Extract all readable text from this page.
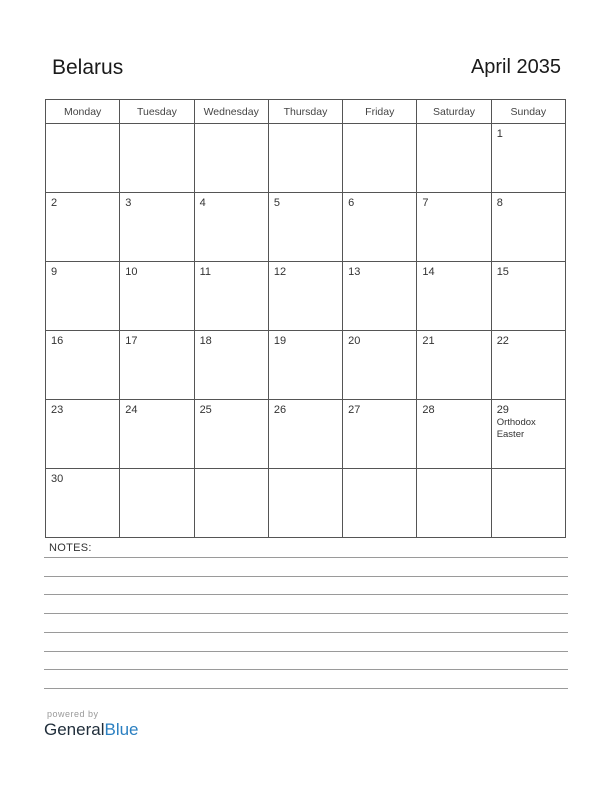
Belarus	April 2035
Monday	Tuesday	Wednesday	Thursday	Friday	Saturday	Sunday

						1

2	3	4	5	6	7	8

9	10	11	12	13	14	15

16	17	18	19	20	21	22

23	24	25	26	27	28	29
Orthodox Easter

30						

NOTES:
powered by
GeneralBlue
